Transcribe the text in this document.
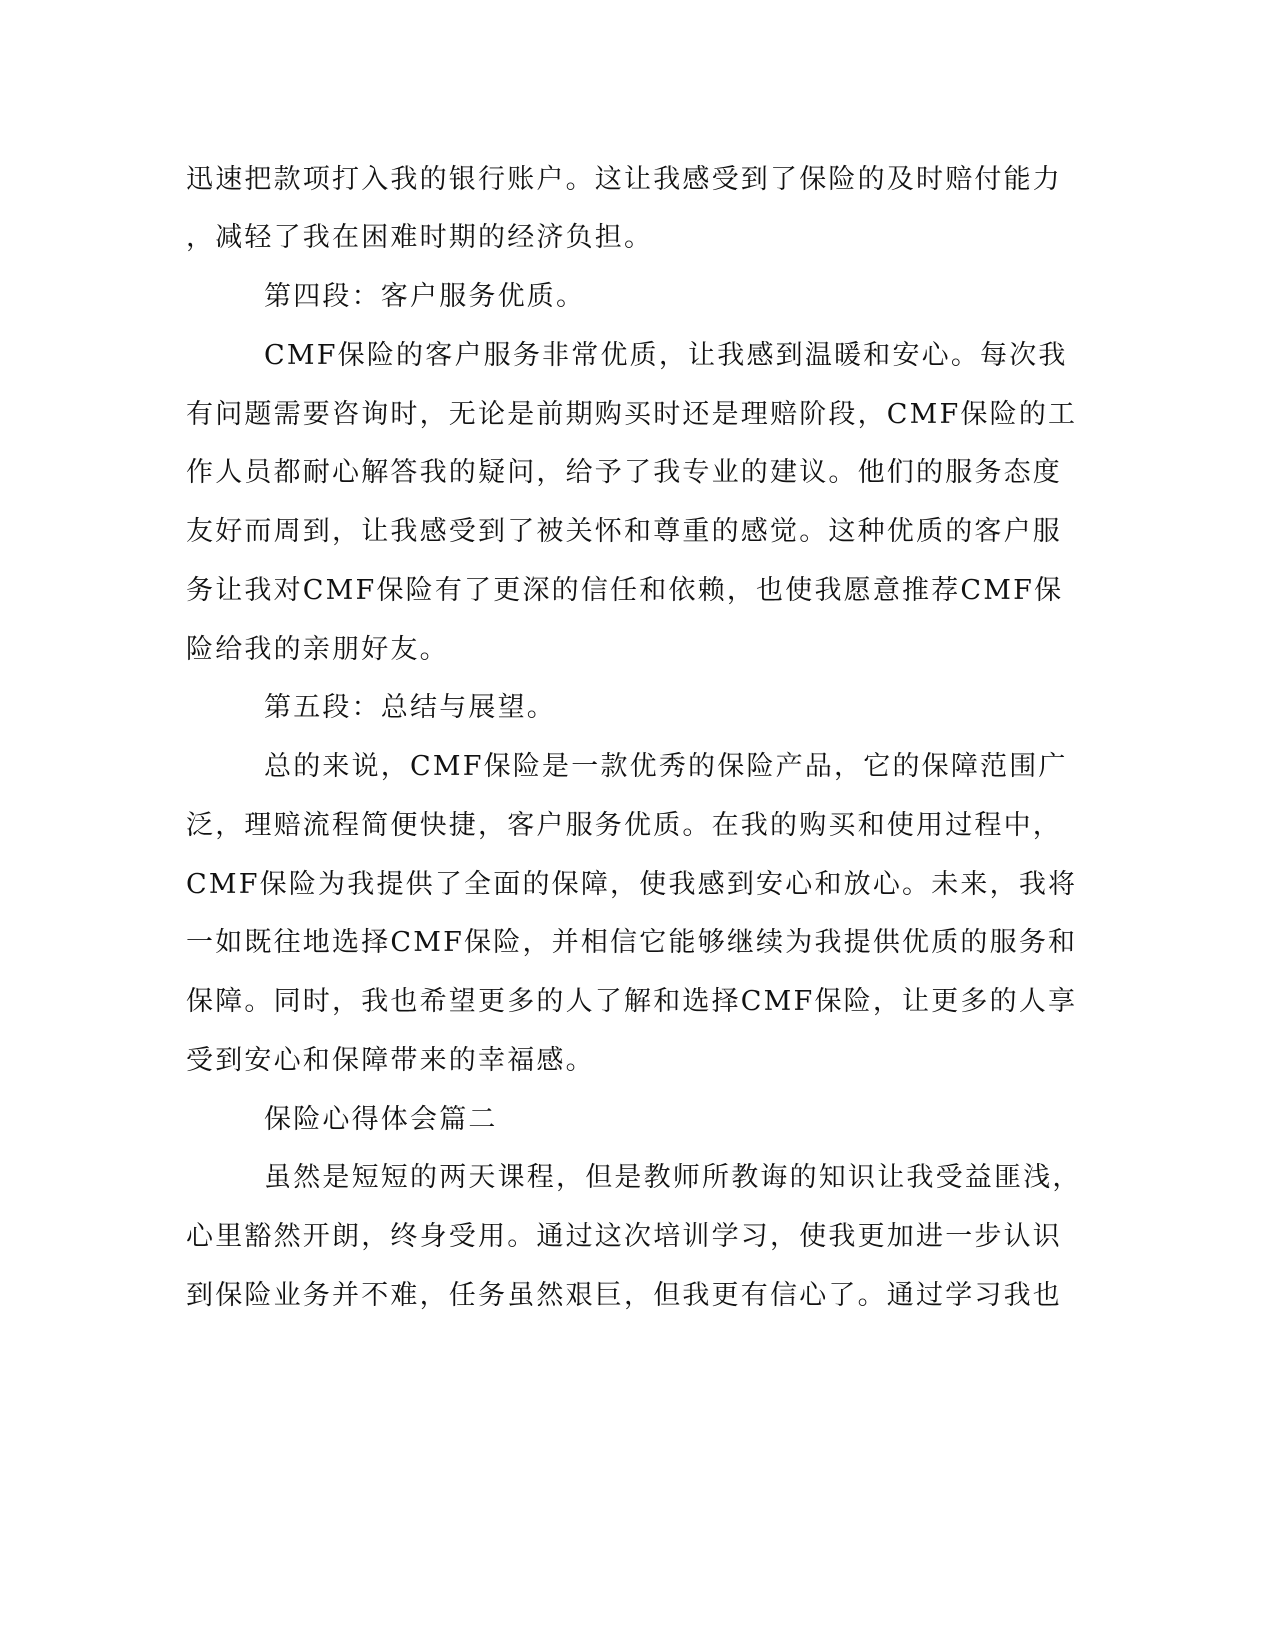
迅速把款项打入我的银行账户。这让我感受到了保险的及时赔付能力
，减轻了我在困难时期的经济负担。
第四段：客户服务优质。
CMF保险的客户服务非常优质，让我感到温暖和安心。每次我
有问题需要咨询时，无论是前期购买时还是理赔阶段，CMF保险的工
作人员都耐心解答我的疑问，给予了我专业的建议。他们的服务态度
友好而周到，让我感受到了被关怀和尊重的感觉。这种优质的客户服
务让我对CMF保险有了更深的信任和依赖，也使我愿意推荐CMF保
险给我的亲朋好友。
第五段：总结与展望。
总的来说，CMF保险是一款优秀的保险产品，它的保障范围广
泛，理赔流程简便快捷，客户服务优质。在我的购买和使用过程中，
CMF保险为我提供了全面的保障，使我感到安心和放心。未来，我将
一如既往地选择CMF保险，并相信它能够继续为我提供优质的服务和
保障。同时，我也希望更多的人了解和选择CMF保险，让更多的人享
受到安心和保障带来的幸福感。
保险心得体会篇二
虽然是短短的两天课程，但是教师所教诲的知识让我受益匪浅，
心里豁然开朗，终身受用。通过这次培训学习，使我更加进一步认识
到保险业务并不难，任务虽然艰巨，但我更有信心了。通过学习我也
